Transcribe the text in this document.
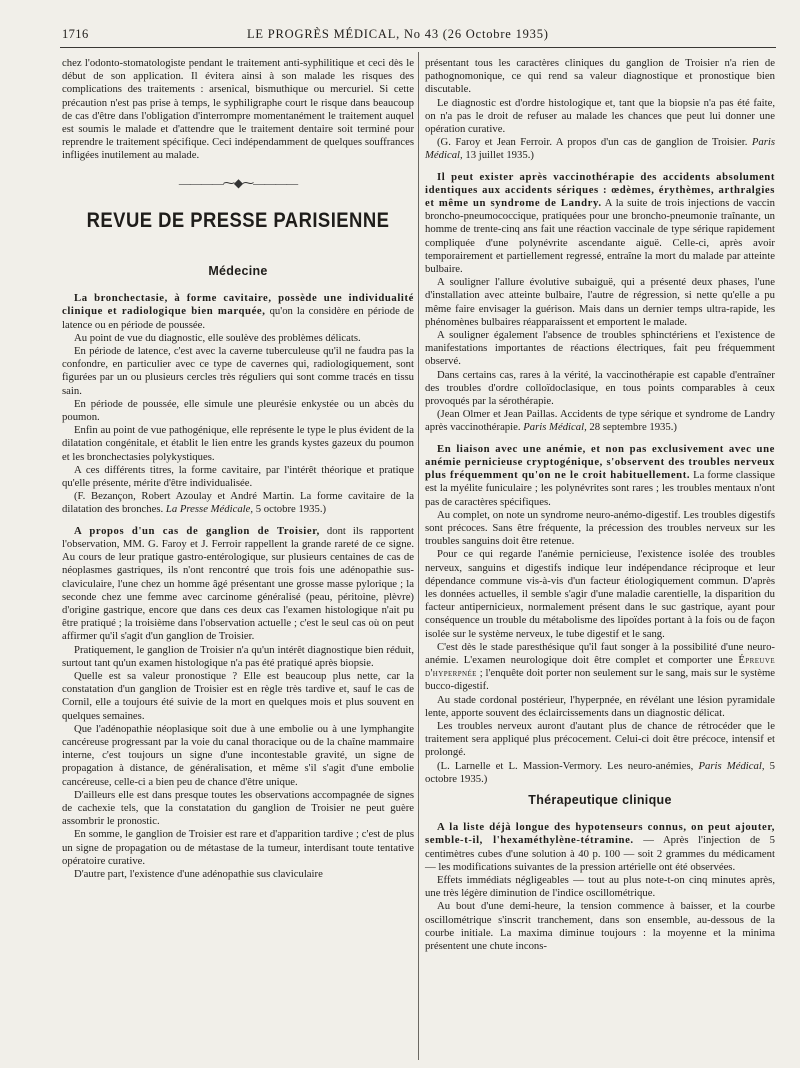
1716	LE PROGRÈS MÉDICAL, No 43 (26 Octobre 1935)

chez l'odonto-stomatologiste pendant le traitement anti-syphilitique et ceci dès le début de son application. Il évitera ainsi à son malade les risques des complications des traitements : arsenical, bismuthique ou mercuriel. Si cette précaution n'est pas prise à temps, le syphiligraphe court le risque dans beaucoup de cas d'être dans l'obligation d'interrompre momentanément le traitement auquel est soumis le malade et d'attendre que le traitement dentaire soit terminé pour reprendre le traitement spécifique. Ceci indépendamment de quelques souffrances infligées inutilement au malade.

————⁓◆⁓————
REVUE DE PRESSE PARISIENNE
Médecine

La bronchectasie, à forme cavitaire, possède une individualité clinique et radiologique bien marquée, qu'on la considère en période de latence ou en période de poussée.

Au point de vue du diagnostic, elle soulève des problèmes délicats.

En période de latence, c'est avec la caverne tuberculeuse qu'il ne faudra pas la confondre, en particulier avec ce type de cavernes qui, radiologiquement, sont figurées par un ou plusieurs cercles très réguliers qui sont comme tracés en tissu sain.

En période de poussée, elle simule une pleurésie enkystée ou un abcès du poumon.

Enfin au point de vue pathogénique, elle représente le type le plus évident de la dilatation congénitale, et établit le lien entre les grands kystes gazeux du poumon et les bronchectasies polykystiques.

A ces différents titres, la forme cavitaire, par l'intérêt théorique et pratique qu'elle présente, mérite d'être individualisée.

(F. Bezançon, Robert Azoulay et André Martin. La forme cavitaire de la dilatation des bronches. La Presse Médicale, 5 octobre 1935.)

A propos d'un cas de ganglion de Troisier, dont ils rapportent l'observation, MM. G. Faroy et J. Ferroir rappellent la grande rareté de ce signe. Au cours de leur pratique gastro-entérologique, sur plusieurs centaines de cas de néoplasmes gastriques, ils n'ont rencontré que trois fois une adénopathie sus-claviculaire, l'une chez un homme âgé présentant une grosse masse pylorique ; la seconde chez une femme avec carcinome généralisé (peau, péritoine, plèvre) d'origine gastrique, encore que dans ces deux cas l'examen histologique n'ait pu être pratiqué ; la troisième dans l'observation actuelle ; c'est le seul cas où on peut affirmer qu'il s'agit d'un ganglion de Troisier.

Pratiquement, le ganglion de Troisier n'a qu'un intérêt diagnostique bien réduit, surtout tant qu'un examen histologique n'a pas été pratiqué après biopsie.

Quelle est sa valeur pronostique ? Elle est beaucoup plus nette, car la constatation d'un ganglion de Troisier est en règle très tardive et, sauf le cas de Cornil, elle a toujours été suivie de la mort en quelques mois et plus souvent en quelques semaines.

Que l'adénopathie néoplasique soit due à une embolie ou à une lymphangite cancéreuse progressant par la voie du canal thoracique ou de la chaîne mammaire interne, c'est toujours un signe d'une incontestable gravité, un signe de propagation à distance, de généralisation, et même s'il s'agit d'une embolie cancéreuse, celle-ci a bien peu de chance d'être unique.

D'ailleurs elle est dans presque toutes les observations accompagnée de signes de cachexie tels, que la constatation du ganglion de Troisier ne peut guère assombrir le pronostic.

En somme, le ganglion de Troisier est rare et d'apparition tardive ; c'est de plus un signe de propagation ou de métastase de la tumeur, interdisant toute tentative opératoire curative.

D'autre part, l'existence d'une adénopathie sus claviculaire

présentant tous les caractères cliniques du ganglion de Troisier n'a rien de pathognomonique, ce qui rend sa valeur diagnostique et pronostique bien discutable.

Le diagnostic est d'ordre histologique et, tant que la biopsie n'a pas été faite, on n'a pas le droit de refuser au malade les chances que peut lui donner une opération curative.

(G. Faroy et Jean Ferroir. A propos d'un cas de ganglion de Troisier. Paris Médical, 13 juillet 1935.)

Il peut exister après vaccinothérapie des accidents absolument identiques aux accidents sériques : œdèmes, érythèmes, arthralgies et même un syndrome de Landry. A la suite de trois injections de vaccin broncho-pneumococcique, pratiquées pour une broncho-pneumonie traînante, un homme de trente-cinq ans fait une réaction vaccinale de type sérique rapidement compliquée d'une polynévrite ascendante aiguë. Celle-ci, après avoir temporairement et partiellement regressé, entraîne la mort du malade par atteinte bulbaire.

A souligner l'allure évolutive subaiguë, qui a présenté deux phases, l'une d'installation avec atteinte bulbaire, l'autre de régression, si nette qu'elle a pu même faire envisager la guérison. Mais dans un dernier temps ultra-rapide, les phénomènes bulbaires réapparaissent et emportent le malade.

A souligner également l'absence de troubles sphinctériens et l'existence de manifestations importantes de réactions électriques, fait peu fréquemment observé.

Dans certains cas, rares à la vérité, la vaccinothérapie est capable d'entraîner des troubles d'ordre colloïdoclasique, en tous points comparables à ceux provoqués par la sérothérapie.

(Jean Olmer et Jean Paillas. Accidents de type sérique et syndrome de Landry après vaccinothérapie. Paris Médical, 28 septembre 1935.)

En liaison avec une anémie, et non pas exclusivement avec une anémie pernicieuse cryptogénique, s'observent des troubles nerveux plus fréquemment qu'on ne le croit habituellement. La forme classique est la myélite funiculaire ; les polynévrites sont rares ; les troubles mentaux n'ont pas de caractères spécifiques.

Au complet, on note un syndrome neuro-anémo-digestif. Les troubles digestifs sont précoces. Sans être fréquente, la précession des troubles nerveux sur les troubles sanguins doit être retenue.

Pour ce qui regarde l'anémie pernicieuse, l'existence isolée des troubles nerveux, sanguins et digestifs indique leur indépendance réciproque et leur dépendance commune vis-à-vis d'un facteur étiologiquement commun. D'après les données actuelles, il semble s'agir d'une maladie carentielle, la disparition du facteur antipernicieux, normalement présent dans le suc gastrique, ayant pour conséquence un trouble du métabolisme des lipoïdes portant à la fois ou de façon isolée sur le système nerveux, le tube digestif et le sang.

C'est dès le stade paresthésique qu'il faut songer à la possibilité d'une neuro-anémie. L'examen neurologique doit être complet et comporter une Épreuve d'hyperpnée ; l'enquête doit porter non seulement sur le sang, mais sur le système bucco-digestif.

Au stade cordonal postérieur, l'hyperpnée, en révélant une lésion pyramidale lente, apporte souvent des éclaircissements dans un diagnostic délicat.

Les troubles nerveux auront d'autant plus de chance de rétrocéder que le traitement sera appliqué plus précocement. Celui-ci doit être précoce, intensif et prolongé.

(L. Larnelle et L. Massion-Vermory. Les neuro-anémies, Paris Médical, 5 octobre 1935.)

Thérapeutique clinique

A la liste déjà longue des hypotenseurs connus, on peut ajouter, semble-t-il, l'hexaméthylène-tétramine. — Après l'injection de 5 centimètres cubes d'une solution à 40 p. 100 — soit 2 grammes du médicament — les modifications suivantes de la pression artérielle ont été observées.

Effets immédiats négligeables — tout au plus note-t-on cinq minutes après, une très légère diminution de l'indice oscillométrique.

Au bout d'une demi-heure, la tension commence à baisser, et la courbe oscillométrique s'inscrit tranchement, dans son ensemble, au-dessous de la courbe initiale. La maxima diminue toujours : la moyenne et la minima présentent une chute incons-
